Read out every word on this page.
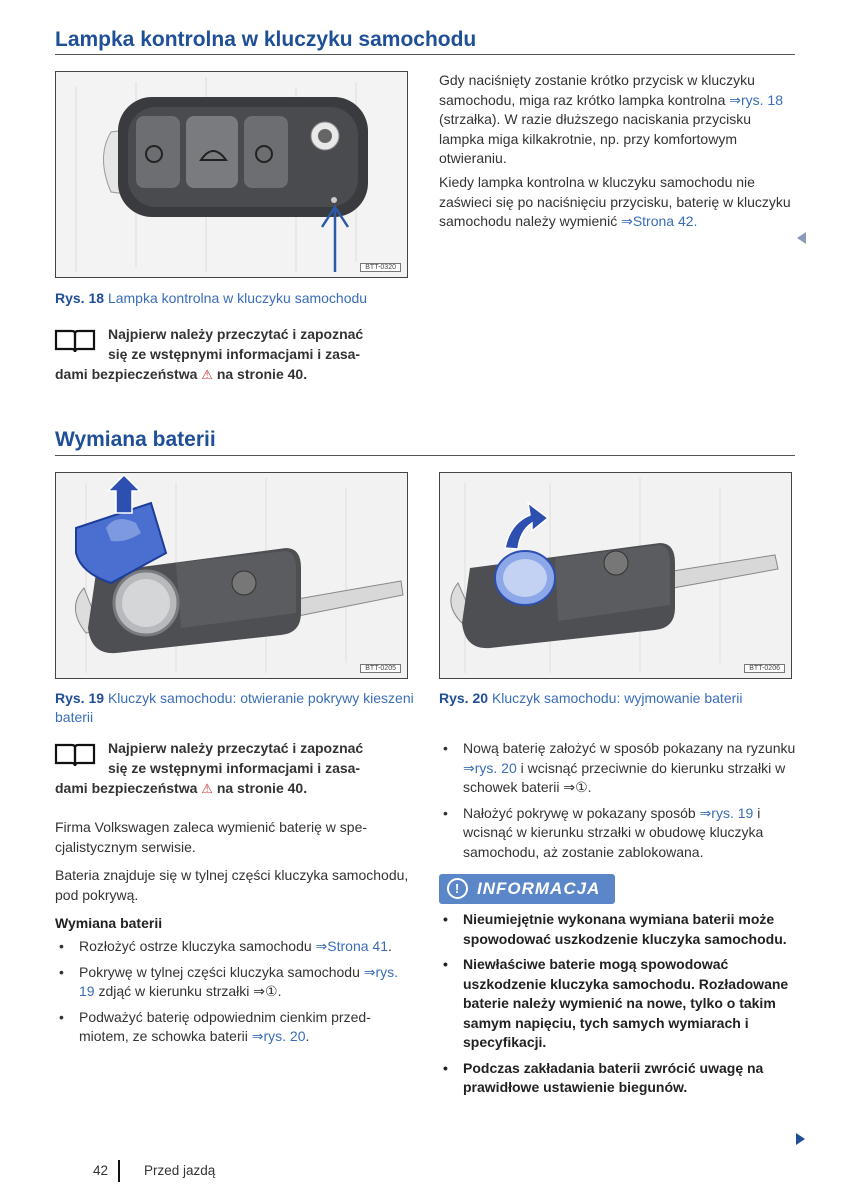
Lampka kontrolna w kluczyku samochodu
BTT-0320
Rys. 18 Lampka kontrolna w kluczyku samochodu
Najpierw należy przeczytać i zapoznać
się ze wstępnymi informacjami i zasa-
dami bezpieczeństwa ⚠ na stronie 40.
Gdy naciśnięty zostanie krótko przycisk w kluczyku samochodu, miga raz krótko lampka kontrolna ⇒rys. 18 (strzałka). W razie dłuższego naciskania przycisku lampka miga kilkakrotnie, np. przy komfortowym otwieraniu.
Kiedy lampka kontrolna w kluczyku samochodu nie zaświeci się po naciśnięciu przycisku, baterię w kluczyku samochodu należy wymienić ⇒Strona 42.
Wymiana baterii
BTT-0205	BTT-0206
Rys. 19 Kluczyk samochodu: otwieranie pokrywy kieszeni baterii
Rys. 20 Kluczyk samochodu: wyjmowanie baterii
Najpierw należy przeczytać i zapoznać
się ze wstępnymi informacjami i zasa-
dami bezpieczeństwa ⚠ na stronie 40.
Firma Volkswagen zaleca wymienić baterię w specjalistycznym serwisie.
Bateria znajduje się w tylnej części kluczyka samochodu, pod pokrywą.
Wymiana baterii
• Rozłożyć ostrze kluczyka samochodu ⇒Strona 41.
• Pokrywę w tylnej części kluczyka samochodu ⇒rys. 19 zdjąć w kierunku strzałki ⇒①.
• Podważyć baterię odpowiednim cienkim przedmiotem, ze schowka baterii ⇒rys. 20.
• Nową baterię założyć w sposób pokazany na ryzunku ⇒rys. 20 i wcisnąć przeciwnie do kierunku strzałki w schowek baterii ⇒①.
• Nałożyć pokrywę w pokazany sposób ⇒rys. 19 i wcisnąć w kierunku strzałki w obudowę kluczyka samochodu, aż zostanie zablokowana.
! INFORMACJA
• Nieumiejętnie wykonana wymiana baterii może spowodować uszkodzenie kluczyka samochodu.
• Niewłaściwe baterie mogą spowodować uszkodzenie kluczyka samochodu. Rozładowane baterie należy wymienić na nowe, tylko o takim samym napięciu, tych samych wymiarach i specyfikacji.
• Podczas zakładania baterii zwrócić uwagę na prawidłowe ustawienie biegunów.
42	Przed jazdą
